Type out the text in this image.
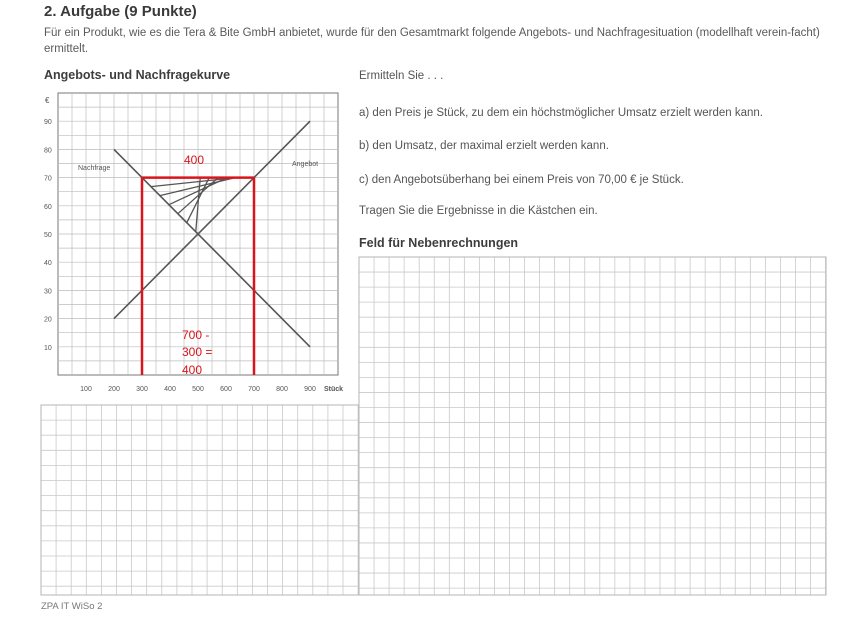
2. Aufgabe (9 Punkte)
Für ein Produkt, wie es die Tera & Bite GmbH anbietet, wurde für den Gesamtmarkt folgende Angebots- und Nachfragesituation (modellhaft verein-facht) ermittelt.
Angebots- und Nachfragekurve	Ermitteln Sie . . .
a) den Preis je Stück, zu dem ein höchstmöglicher Umsatz erzielt werden kann.
b) den Umsatz, der maximal erzielt werden kann.
c) den Angebotsüberhang bei einem Preis von 70,00 € je Stück.
Tragen Sie die Ergebnisse in die Kästchen ein.
Feld für Nebenrechnungen
ZPA IT WiSo 2
Nachfrage
Angebot
400
700 -
300 =
400
10
20
30
40
50
60
70
80
90
100 200 300 400 500 600 700 800 900
€
Stück
